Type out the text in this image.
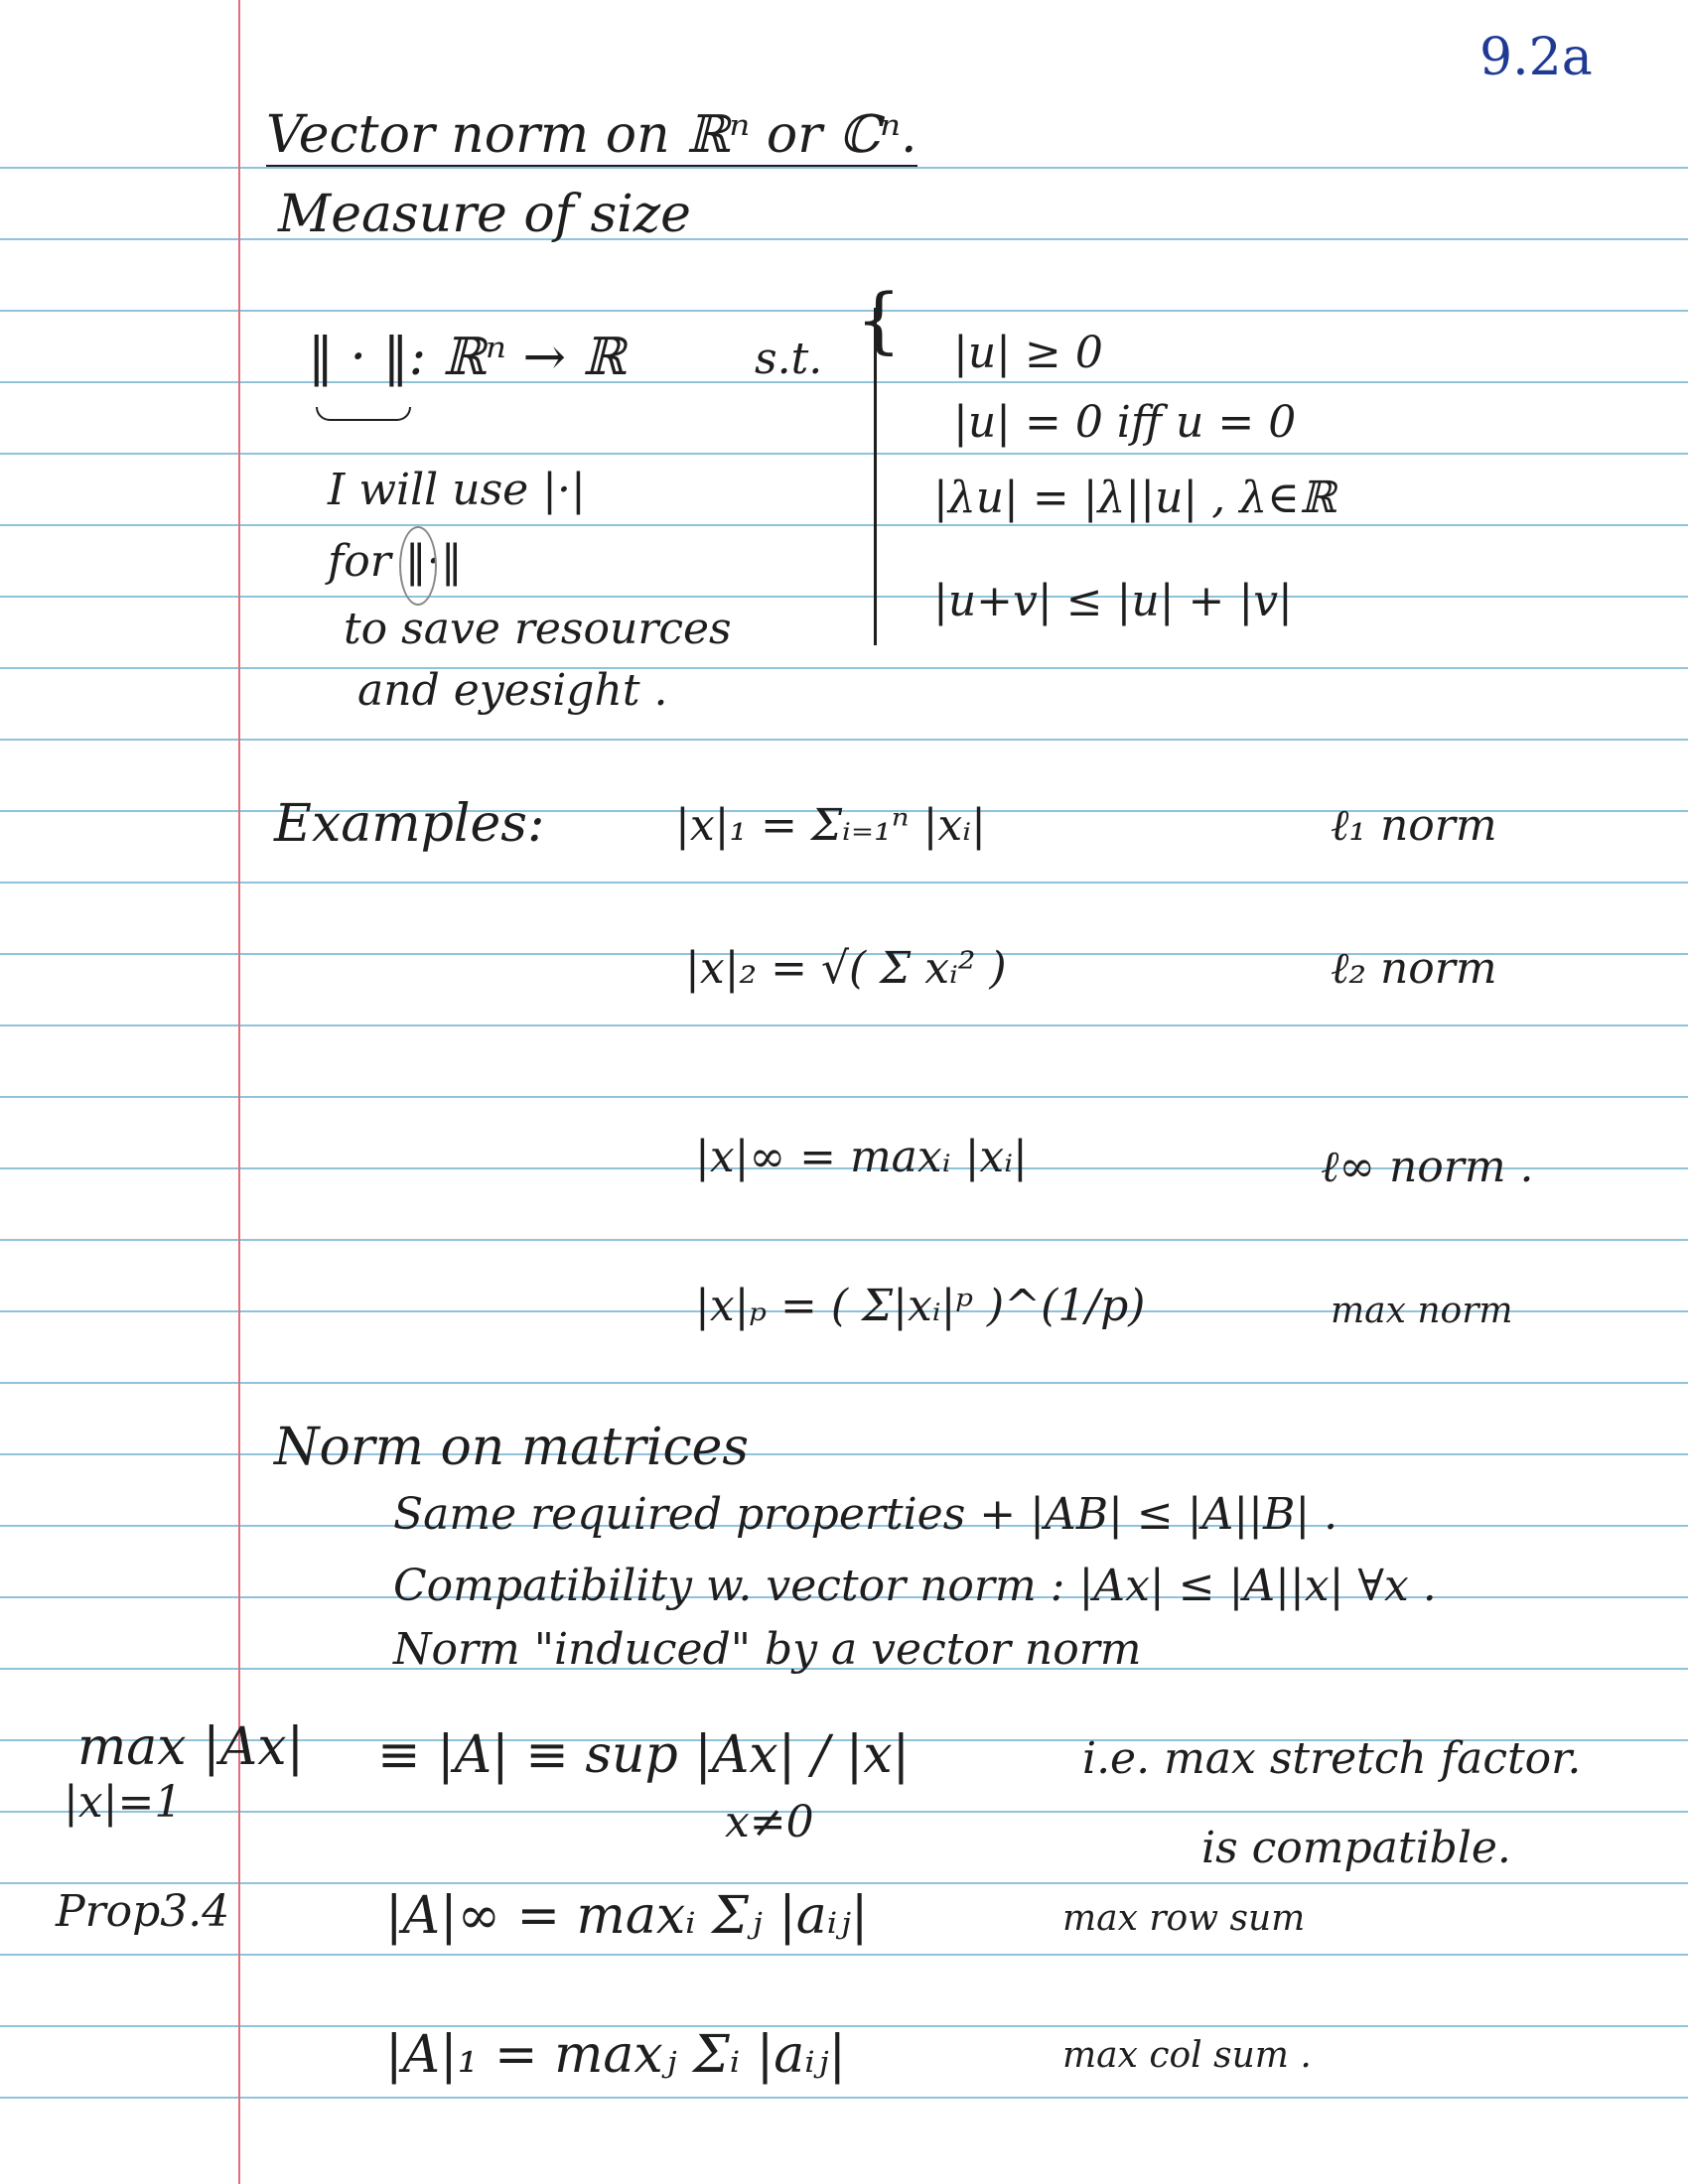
9.2a
Vector norm on ℝⁿ or ℂⁿ.
Measure of size
‖ · ‖: ℝⁿ → ℝ	s.t. { |u| ≥ 0
|u| = 0 iff u = 0
|λu| = |λ||u| , λ∈ℝ
|u+v| ≤ |u| + |v|
I will use |·|
for ‖·‖
to save resources
and eyesight .
Examples:	|x|₁ = Σᵢ₌₁ⁿ |xᵢ|	ℓ₁ norm
|x|₂ = √( Σ xᵢ² )	ℓ₂ norm
|x|∞ = maxᵢ |xᵢ|	ℓ∞ norm .
|x|ₚ = ( Σ|xᵢ|ᵖ )^(1/p)	max norm
Norm on matrices
Same required properties + |AB| ≤ |A||B| .
Compatibility w. vector norm : |Ax| ≤ |A||x| ∀x .
Norm "induced" by a vector norm
max |Ax|
|x|=1
≡ |A| ≡ sup |Ax| / |x|
x≠0
i.e. max stretch factor.
is compatible.
Prop3.4	|A|∞ = maxᵢ Σⱼ |aᵢⱼ|	max row sum
|A|₁ = maxⱼ Σᵢ |aᵢⱼ|	max col sum .
